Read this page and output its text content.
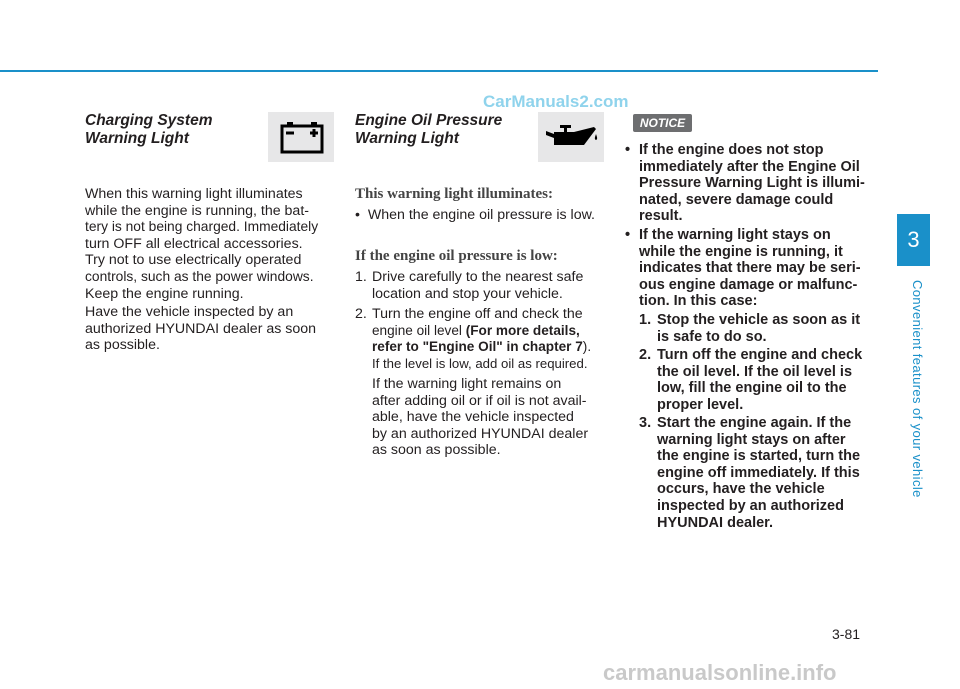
CarManuals2.com
Charging System
Warning Light
When this warning light illuminates
while the engine is running, the bat-
tery is not being charged. Immediately
turn OFF all electrical accessories.
Try not to use electrically operated
controls, such as the power windows.
Keep the engine running.
Have the vehicle inspected by an
authorized HYUNDAI dealer as soon
as possible.
Engine Oil Pressure
Warning Light
This warning light illuminates:
•  When the engine oil pressure is low.
If the engine oil pressure is low:
1. Drive carefully to the nearest safe
location and stop your vehicle.
2. Turn the engine off and check the
engine oil level (For more details,
refer to "Engine Oil" in chapter 7).
If the level is low, add oil as required.
If the warning light remains on
after adding oil or if oil is not avail-
able, have the vehicle inspected
by an authorized HYUNDAI dealer
as soon as possible.
NOTICE
• If the engine does not stop
immediately after the Engine Oil
Pressure Warning Light is illumi-
nated, severe damage could
result.
• If the warning light stays on
while the engine is running, it
indicates that there may be seri-
ous engine damage or malfunc-
tion. In this case:
1. Stop the vehicle as soon as it
is safe to do so.
2. Turn off the engine and check
the oil level. If the oil level is
low, fill the engine oil to the
proper level.
3. Start the engine again. If the
warning light stays on after
the engine is started, turn the
engine off immediately. If this
occurs, have the vehicle
inspected by an authorized
HYUNDAI dealer.
3
Convenient features of your vehicle
3-81
carmanualsonline.info
